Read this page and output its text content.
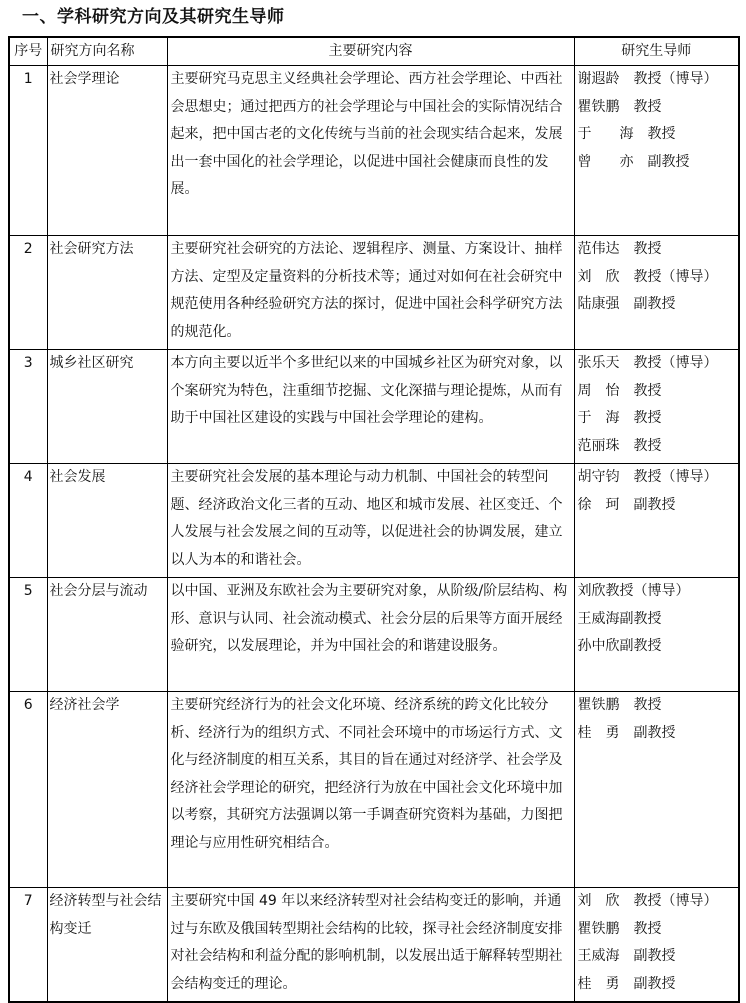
一、学科研究方向及其研究生导师
序号	研究方向名称	主要研究内容	研究生导师
1	社会学理论	主要研究马克思主义经典社会学理论、西方社会学理论、中西社会思想史；通过把西方的社会学理论与中国社会的实际情况结合起来，把中国古老的文化传统与当前的社会现实结合起来，发展出一套中国化的社会学理论，以促进中国社会健康而良性的发展。	谢遐龄　教授（博导）
瞿铁鹏　教授
于　　海　教授
曾　　亦　副教授

2	社会研究方法	主要研究社会研究的方法论、逻辑程序、测量、方案设计、抽样方法、定型及定量资料的分析技术等；通过对如何在社会研究中规范使用各种经验研究方法的探讨，促进中国社会科学研究方法的规范化。	范伟达　教授
刘　欣　教授（博导）
陆康强　副教授

3	城乡社区研究	本方向主要以近半个多世纪以来的中国城乡社区为研究对象，以个案研究为特色，注重细节挖掘、文化深描与理论提炼，从而有助于中国社区建设的实践与中国社会学理论的建构。	张乐天　教授（博导）
周　怡　教授
于　海　教授
范丽珠　教授

4	社会发展	主要研究社会发展的基本理论与动力机制、中国社会的转型问题、经济政治文化三者的互动、地区和城市发展、社区变迁、个人发展与社会发展之间的互动等，以促进社会的协调发展，建立以人为本的和谐社会。	胡守钧　教授（博导）
徐　珂　副教授

5	社会分层与流动	以中国、亚洲及东欧社会为主要研究对象，从阶级/阶层结构、构形、意识与认同、社会流动模式、社会分层的后果等方面开展经验研究，以发展理论，并为中国社会的和谐建设服务。	刘欣教授（博导）
王威海副教授
孙中欣副教授

6	经济社会学	主要研究经济行为的社会文化环境、经济系统的跨文化比较分析、经济行为的组织方式、不同社会环境中的市场运行方式、文化与经济制度的相互关系，其目的旨在通过对经济学、社会学及经济社会学理论的研究，把经济行为放在中国社会文化环境中加以考察，其研究方法强调以第一手调查研究资料为基础，力图把理论与应用性研究相结合。	瞿铁鹏　教授
桂　勇　副教授

7	经济转型与社会结构变迁	主要研究中国 49 年以来经济转型对社会结构变迁的影响，并通过与东欧及俄国转型期社会结构的比较，探寻社会经济制度安排对社会结构和利益分配的影响机制，以发展出适于解释转型期社会结构变迁的理论。	刘　欣　教授（博导）
瞿铁鹏　教授
王威海　副教授
桂　勇　副教授
